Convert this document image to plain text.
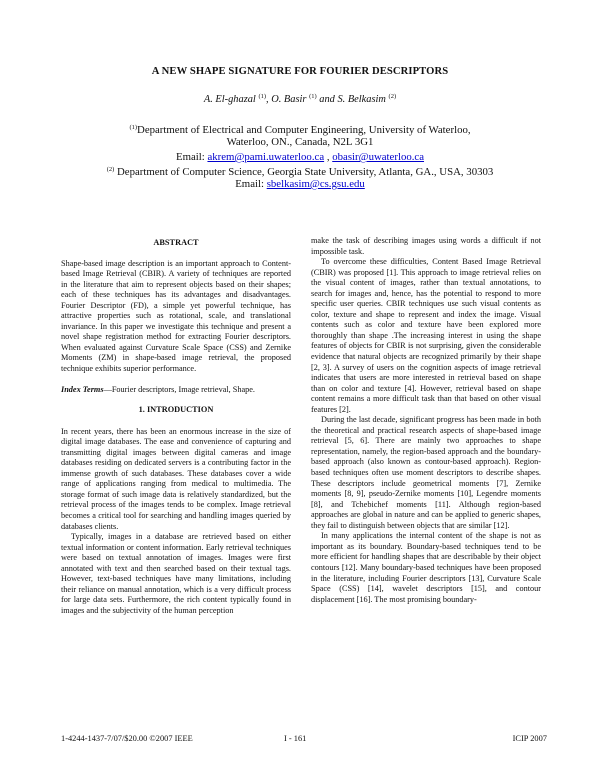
A NEW SHAPE SIGNATURE FOR FOURIER DESCRIPTORS
A. El-ghazal $^{(1)}$, O. Basir $^{(1)}$ and S. Belkasim $^{(2)}$
$^{(1)}$Department of Electrical and Computer Engineering, University of Waterloo,
Waterloo, ON., Canada, N2L 3G1
Email: akrem@pami.uwaterloo.ca , obasir@uwaterloo.ca
$^{(2)}$ Department of Computer Science, Georgia State University, Atlanta, GA., USA, 30303
Email: sbelkasim@cs.gsu.edu

ABSTRACT

Shape-based image description is an important approach to Content-based Image Retrieval (CBIR). A variety of techniques are reported in the literature that aim to represent objects based on their shapes; each of these techniques has its advantages and disadvantages. Fourier Descriptor (FD), a simple yet powerful technique, has attractive properties such as rotational, scale, and translational invariance. In this paper we investigate this technique and present a novel shape registration method for extracting Fourier descriptors. When evaluated against Curvature Scale Space (CSS) and Zernike Moments (ZM) in shape-based image retrieval, the proposed technique exhibits superior performance.

Index Terms—Fourier descriptors, Image retrieval, Shape.

1. INTRODUCTION

In recent years, there has been an enormous increase in the size of digital image databases. The ease and convenience of capturing and transmitting digital images between digital cameras and image databases residing on dedicated servers is a contributing factor in the immense growth of such databases. These databases cover a wide range of applications ranging from medical to multimedia. The storage format of such image data is relatively standardized, but the retrieval process of the images tends to be complex. Image retrieval becomes a critical tool for searching and handling images queried by databases clients.

Typically, images in a database are retrieved based on either textual information or content information. Early retrieval techniques were based on textual annotation of images. Images were first annotated with text and then searched based on their textual tags. However, text-based techniques have many limitations, including their reliance on manual annotation, which is a very difficult process for large data sets. Furthermore, the rich content typically found in images and the subjectivity of the human perception

make the task of describing images using words a difficult if not impossible task.

To overcome these difficulties, Content Based Image Retrieval (CBIR) was proposed [1]. This approach to image retrieval relies on the visual content of images, rather than textual annotations, to search for images and, hence, has the potential to respond to more specific user queries. CBIR techniques use such visual contents as color, texture and shape to represent and index the image. Visual contents such as color and texture have been explored more thoroughly than shape .The increasing interest in using the shape features of objects for CBIR is not surprising, given the considerable evidence that natural objects are recognized primarily by their shape [2, 3]. A survey of users on the cognition aspects of image retrieval indicates that users are more interested in retrieval based on shape than on color and texture [4]. However, retrieval based on shape content remains a more difficult task than that based on other visual features [2].

During the last decade, significant progress has been made in both the theoretical and practical research aspects of shape-based image retrieval [5, 6]. There are mainly two approaches to shape representation, namely, the region-based approach and the boundary-based approach (also known as contour-based approach). Region-based techniques often use moment descriptors to describe shapes. These descriptors include geometrical moments [7], Zernike moments [8, 9], pseudo-Zernike moments [10], Legendre moments [8], and Tchebichef moments [11]. Although region-based approaches are global in nature and can be applied to generic shapes, they fail to distinguish between objects that are similar [12].

In many applications the internal content of the shape is not as important as its boundary. Boundary-based techniques tend to be more efficient for handling shapes that are describable by their object contours [12]. Many boundary-based techniques have been proposed in the literature, including Fourier descriptors [13], Curvature Scale Space (CSS) [14], wavelet descriptors [15], and contour displacement [16]. The most promising boundary-

1-4244-1437-7/07/$20.00 ©2007 IEEE	I - 161	ICIP 2007
